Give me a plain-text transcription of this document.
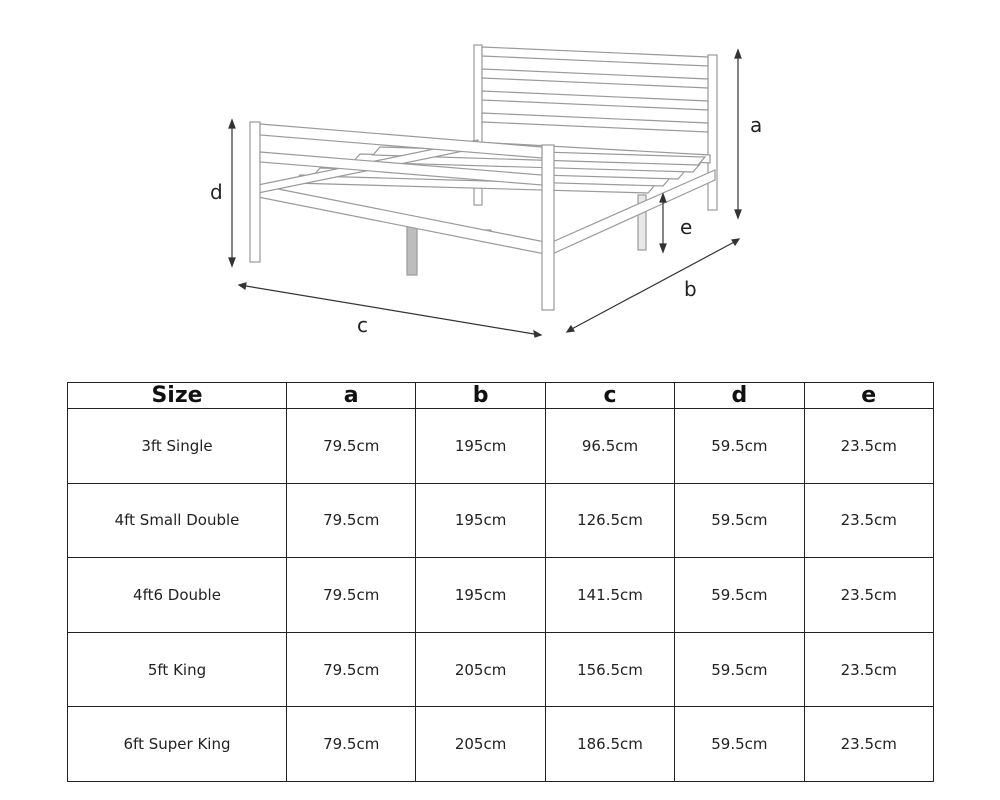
a
d
e
b
c
Size	a	b	c	d	e
3ft Single	79.5cm	195cm	96.5cm	59.5cm	23.5cm
4ft Small Double	79.5cm	195cm	126.5cm	59.5cm	23.5cm
4ft6 Double	79.5cm	195cm	141.5cm	59.5cm	23.5cm
5ft King	79.5cm	205cm	156.5cm	59.5cm	23.5cm
6ft Super King	79.5cm	205cm	186.5cm	59.5cm	23.5cm
